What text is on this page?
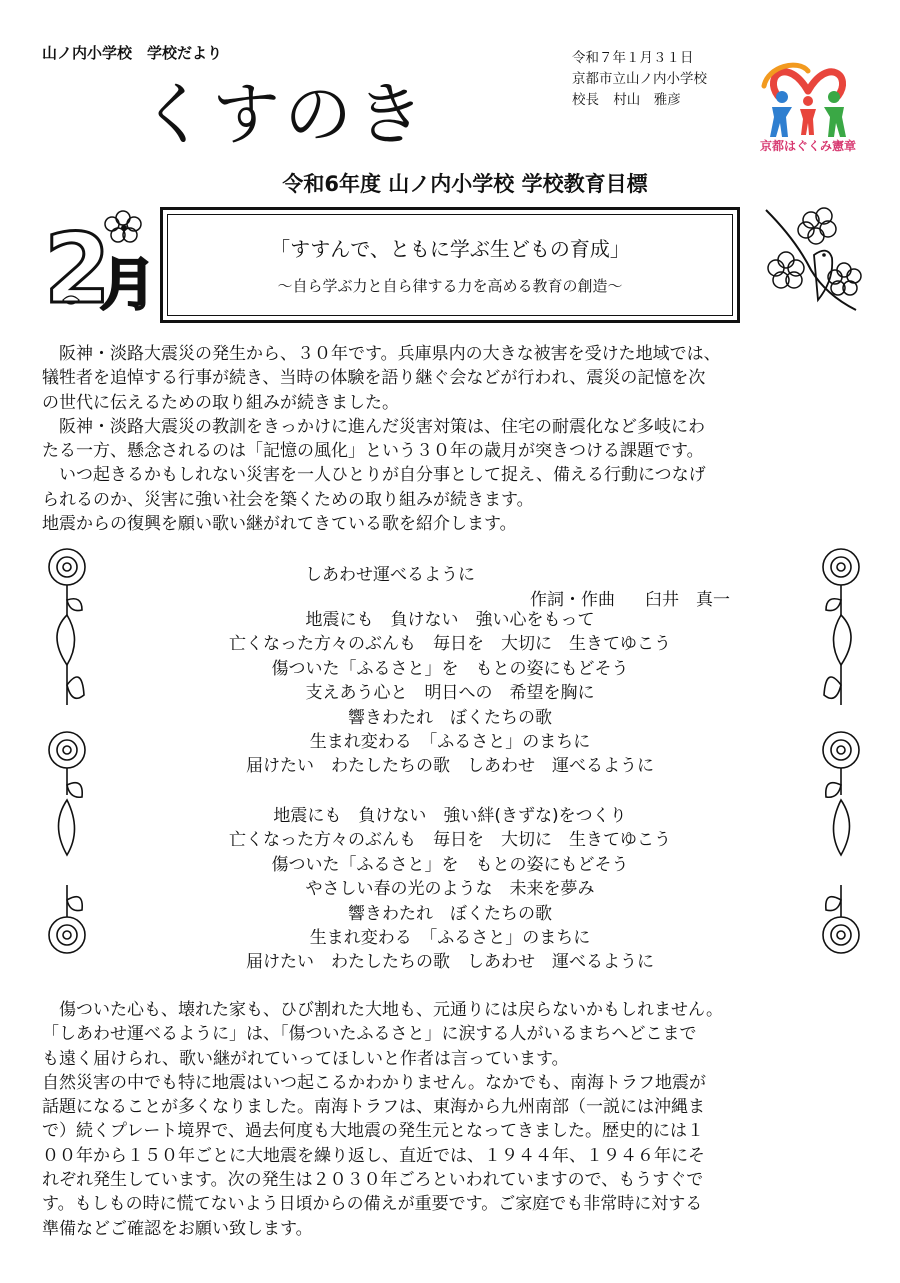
山ノ内小学校　学校だより
くすのき
令和７年１月３１日
京都市立山ノ内小学校
校長 村山　雅彦
京都はぐくみ憲章
令和6年度 山ノ内小学校 学校教育目標
2
月
「すすんで、ともに学ぶ生どもの育成」
～自ら学ぶ力と自ら律する力を高める教育の創造～

　阪神・淡路大震災の発生から、３０年です。兵庫県内の大きな被害を受けた地域では、

犠牲者を追悼する行事が続き、当時の体験を語り継ぐ会などが行われ、震災の記憶を次

の世代に伝えるための取り組みが続きました。

　阪神・淡路大震災の教訓をきっかけに進んだ災害対策は、住宅の耐震化など多岐にわ

たる一方、懸念されるのは「記憶の風化」という３０年の歳月が突きつける課題です。

　いつ起きるかもしれない災害を一人ひとりが自分事として捉え、備える行動につなげ

られるのか、災害に強い社会を築くための取り組みが続きます。

地震からの復興を願い歌い継がれてきている歌を紹介します。

しあわせ運べるように
作詞・作曲 臼井　真一
地震にも　負けない　強い心をもって
亡くなった方々のぶんも　毎日を　大切に　生きてゆこう
傷ついた「ふるさと」を　もとの姿にもどそう
支えあう心と　明日への　希望を胸に
響きわたれ　ぼくたちの歌
生まれ変わる　「ふるさと」のまちに
届けたい　わたしたちの歌　しあわせ　運べるように
地震にも　負けない　強い絆(きずな)をつくり
亡くなった方々のぶんも　毎日を　大切に　生きてゆこう
傷ついた「ふるさと」を　もとの姿にもどそう
やさしい春の光のような　未来を夢み
響きわたれ　ぼくたちの歌
生まれ変わる　「ふるさと」のまちに
届けたい　わたしたちの歌　しあわせ　運べるように

　傷ついた心も、壊れた家も、ひび割れた大地も、元通りには戻らないかもしれません。

「しあわせ運べるように」は、「傷ついたふるさと」に涙する人がいるまちへどこまで

も遠く届けられ、歌い継がれていってほしいと作者は言っています。

自然災害の中でも特に地震はいつ起こるかわかりません。なかでも、南海トラフ地震が

話題になることが多くなりました。南海トラフは、東海から九州南部（一説には沖縄ま

で）続くプレート境界で、過去何度も大地震の発生元となってきました。歴史的には１

００年から１５０年ごとに大地震を繰り返し、直近では、１９４４年、１９４６年にそ

れぞれ発生しています。次の発生は２０３０年ごろといわれていますので、もうすぐで

す。もしもの時に慌てないよう日頃からの備えが重要です。ご家庭でも非常時に対する

準備などご確認をお願い致します。
